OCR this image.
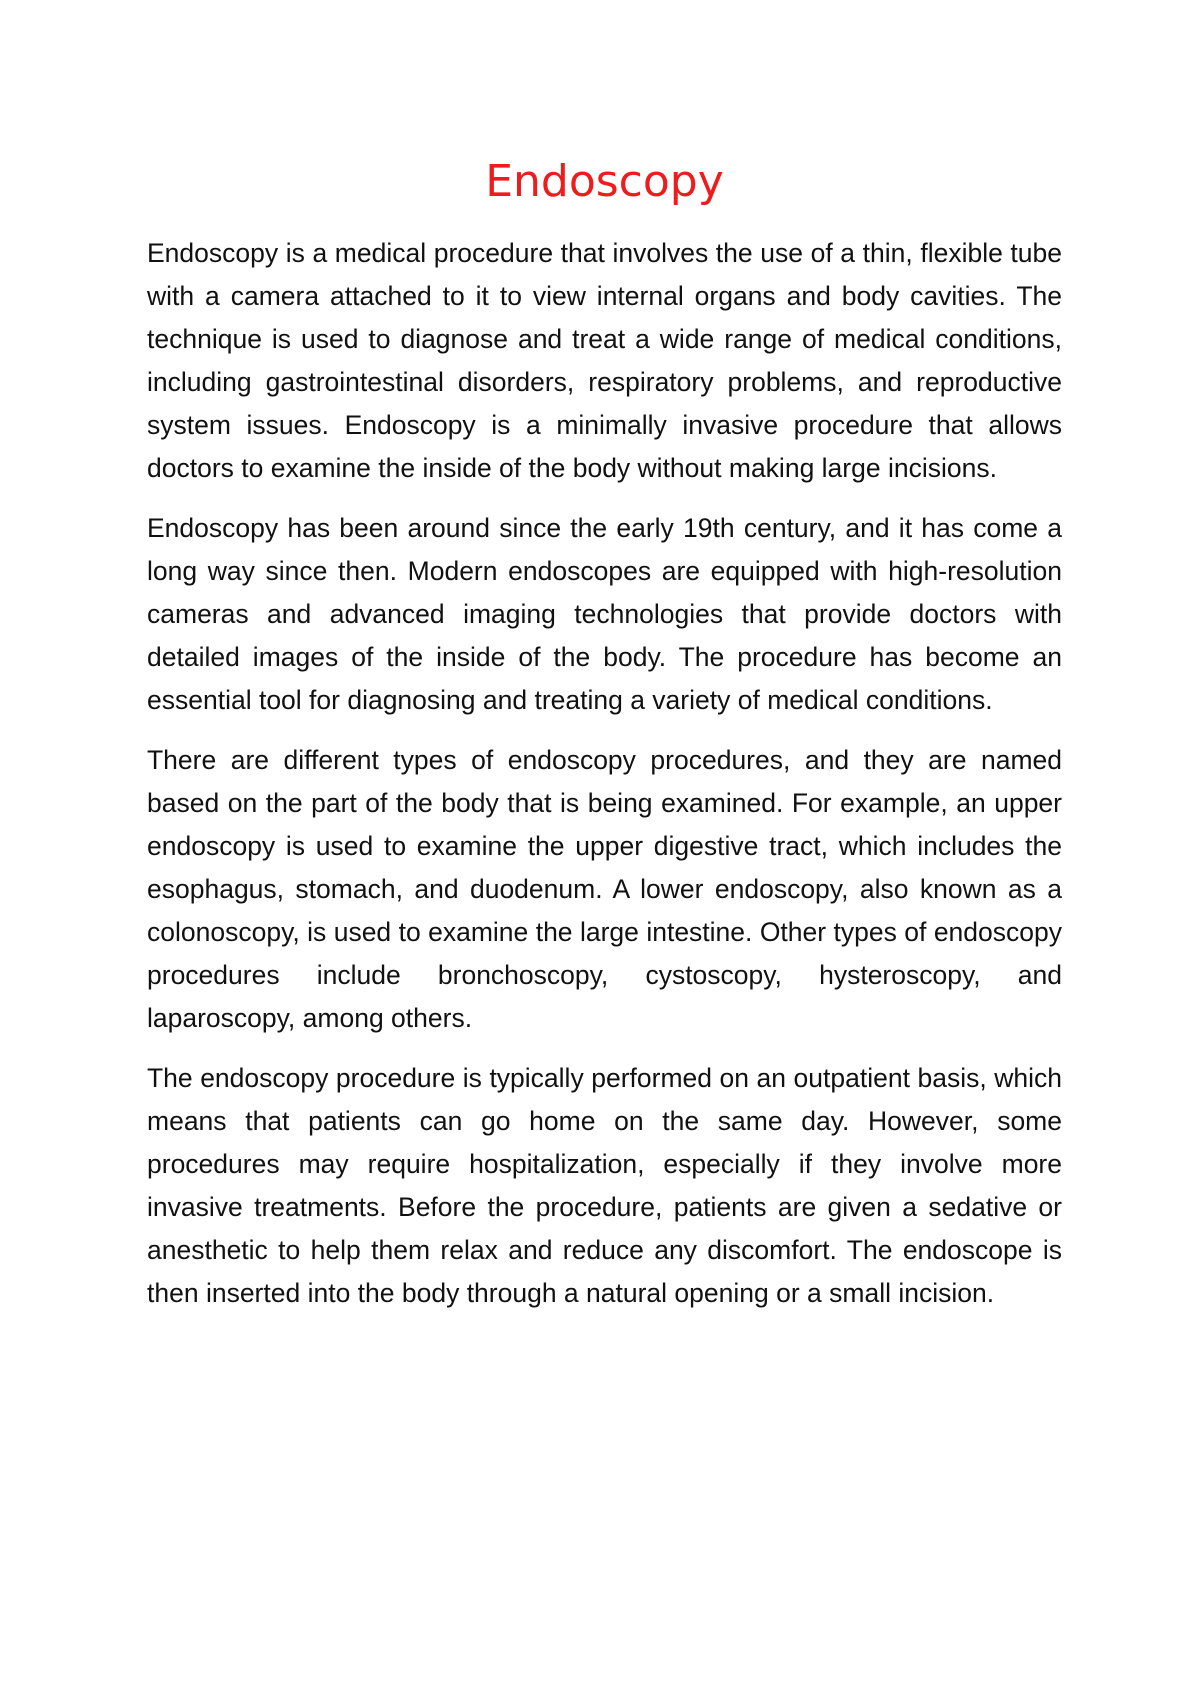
Endoscopy

Endoscopy is a medical procedure that involves the use of a thin, flexible tube with a camera attached to it to view internal organs and body cavities. The technique is used to diagnose and treat a wide range of medical conditions, including gastrointestinal disorders, respiratory problems, and reproductive system issues. Endoscopy is a minimally invasive procedure that allows doctors to examine the inside of the body without making large incisions.

Endoscopy has been around since the early 19th century, and it has come a long way since then. Modern endoscopes are equipped with high-resolution cameras and advanced imaging technologies that provide doctors with detailed images of the inside of the body. The procedure has become an essential tool for diagnosing and treating a variety of medical conditions.

There are different types of endoscopy procedures, and they are named based on the part of the body that is being examined. For example, an upper endoscopy is used to examine the upper digestive tract, which includes the esophagus, stomach, and duodenum. A lower endoscopy, also known as a colonoscopy, is used to examine the large intestine. Other types of endoscopy procedures include bronchoscopy, cystoscopy, hysteroscopy, and laparoscopy, among others.

The endoscopy procedure is typically performed on an outpatient basis, which means that patients can go home on the same day. However, some procedures may require hospitalization, especially if they involve more invasive treatments. Before the procedure, patients are given a sedative or anesthetic to help them relax and reduce any discomfort. The endoscope is then inserted into the body through a natural opening or a small incision.
